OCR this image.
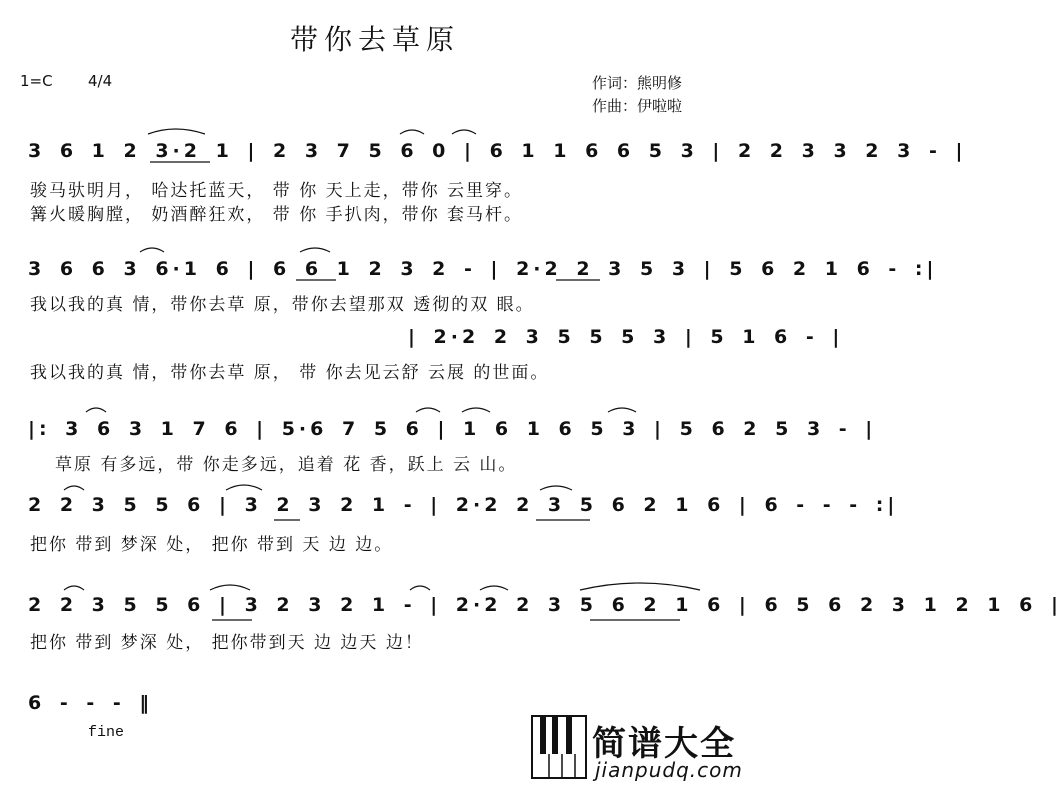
带你去草原
1=C 4/4	作词：熊明修
作曲：伊啦啦
3 6 1 2 3·2 1 | 2 3 7 5 6 0 | 6 1 1 6 6 5 3 | 2 2 3 3 2 3 - |
骏马驮明月， 哈达托蓝天， 带 你 天上走，带你 云里穿。
篝火暖胸膛， 奶酒醉狂欢， 带 你 手扒肉，带你 套马杆。
3 6 6 3 6·1 6 | 6 6 1 2 3 2 - | 2·2 2 3 5 3 | 5 6 2 1 6 - :|
我以我的真 情，带你去草 原，带你去望那双 透彻的双 眼。
| 2·2 2 3 5 5 5 3 | 5 1 6 - |
我以我的真 情，带你去草 原， 带 你去见云舒 云展 的世面。
|: 3 6 3 1 7 6 | 5·6 7 5 6 | 1 6 1 6 5 3 | 5 6 2 5 3 - |
草原 有多远，带 你走多远，追着 花 香，跃上 云 山。
2 2 3 5 5 6 | 3 2 3 2 1 - | 2·2 2 3 5 6 2 1 6 | 6 - - - :|
把你 带到 梦深 处， 把你 带到 天 边 边。
2 2 3 5 5 6 | 3 2 3 2 1 - | 2·2 2 3 5 6 2 1 6 | 6 5 6 2 3 1 2 1 6 |
把你 带到 梦深 处， 把你带到天 边 边天 边！
6 - - - ‖
fine	简谱大全
jianpudq.com
